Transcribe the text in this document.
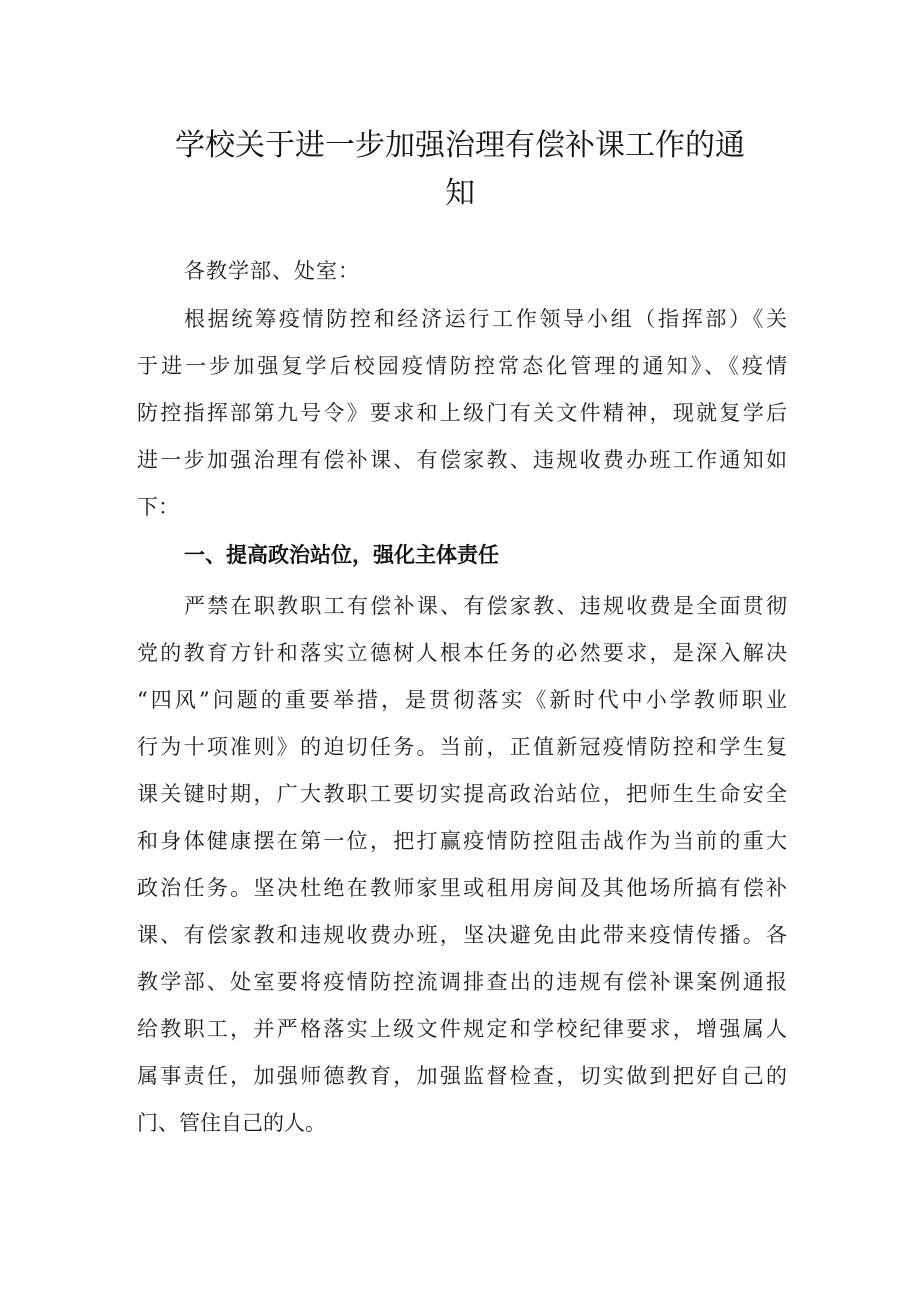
学校关于进一步加强治理有偿补课工作的通
知

各教学部、处室：

根据统筹疫情防控和经济运行工作领导小组（指挥部）《关

于进一步加强复学后校园疫情防控常态化管理的通知》、《疫情

防控指挥部第九号令》要求和上级门有关文件精神，现就复学后

进一步加强治理有偿补课、有偿家教、违规收费办班工作通知如

下：

一、提高政治站位，强化主体责任

严禁在职教职工有偿补课、有偿家教、违规收费是全面贯彻

党的教育方针和落实立德树人根本任务的必然要求，是深入解决

“四风”问题的重要举措，是贯彻落实《新时代中小学教师职业

行为十项准则》的迫切任务。当前，正值新冠疫情防控和学生复

课关键时期，广大教职工要切实提高政治站位，把师生生命安全

和身体健康摆在第一位，把打赢疫情防控阻击战作为当前的重大

政治任务。坚决杜绝在教师家里或租用房间及其他场所搞有偿补

课、有偿家教和违规收费办班，坚决避免由此带来疫情传播。各

教学部、处室要将疫情防控流调排查出的违规有偿补课案例通报

给教职工，并严格落实上级文件规定和学校纪律要求，增强属人

属事责任，加强师德教育，加强监督检查，切实做到把好自己的

门、管住自己的人。
